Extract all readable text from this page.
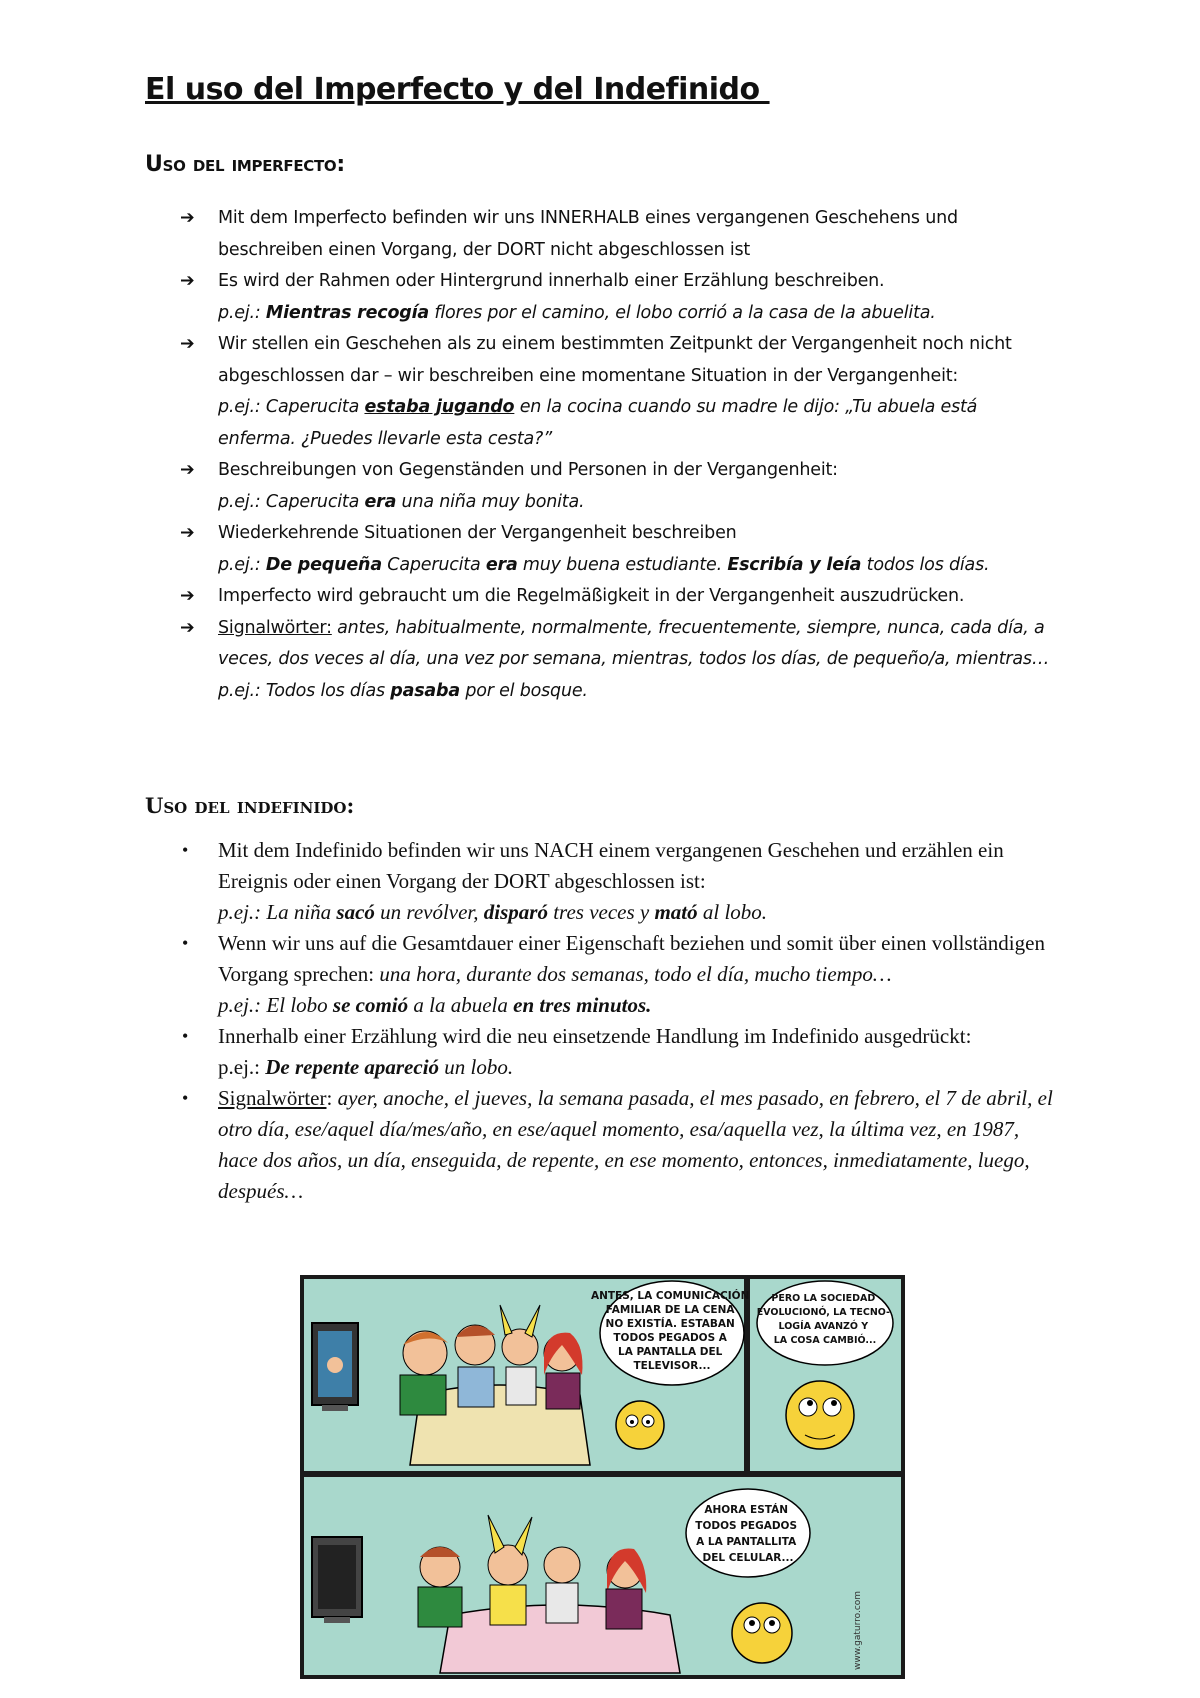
El uso del Imperfecto y del Indefinido
Uso del imperfecto:
➔ Mit dem Imperfecto befinden wir uns INNERHALB eines vergangenen Geschehens und beschreiben einen Vorgang, der DORT nicht abgeschlossen ist
➔ Es wird der Rahmen oder Hintergrund innerhalb einer Erzählung beschreiben.
p.ej.: Mientras recogía flores por el camino, el lobo corrió a la casa de la abuelita.
➔ Wir stellen ein Geschehen als zu einem bestimmten Zeitpunkt der Vergangenheit noch nicht abgeschlossen dar – wir beschreiben eine momentane Situation in der Vergangenheit:
p.ej.: Caperucita estaba jugando en la cocina cuando su madre le dijo: „Tu abuela está enferma. ¿Puedes llevarle esta cesta?”
➔ Beschreibungen von Gegenständen und Personen in der Vergangenheit:
p.ej.: Caperucita era una niña muy bonita.
➔ Wiederkehrende Situationen der Vergangenheit beschreiben
p.ej.: De pequeña Caperucita era muy buena estudiante. Escribía y leía todos los días.
➔ Imperfecto wird gebraucht um die Regelmäßigkeit in der Vergangenheit auszudrücken.
➔ Signalwörter: antes, habitualmente, normalmente, frecuentemente, siempre, nunca, cada día, a veces, dos veces al día, una vez por semana, mientras, todos los días, de pequeño/a, mientras…
p.ej.: Todos los días pasaba por el bosque.
Uso del indefinido:
• Mit dem Indefinido befinden wir uns NACH einem vergangenen Geschehen und erzählen ein Ereignis oder einen Vorgang der DORT abgeschlossen ist:
p.ej.: La niña sacó un revólver, disparó tres veces y mató al lobo.
• Wenn wir uns auf die Gesamtdauer einer Eigenschaft beziehen und somit über einen vollständigen Vorgang sprechen: una hora, durante dos semanas, todo el día, mucho tiempo…
p.ej.: El lobo se comió a la abuela en tres minutos.
• Innerhalb einer Erzählung wird die neu einsetzende Handlung im Indefinido ausgedrückt:
p.ej.: De repente apareció un lobo.
• Signalwörter: ayer, anoche, el jueves, la semana pasada, el mes pasado, en febrero, el 7 de abril, el otro día, ese/aquel día/mes/año, en ese/aquel momento, esa/aquella vez, la última vez, en 1987, hace dos años, un día, enseguida, de repente, en ese momento, entonces, inmediatamente, luego, después…
ANTES, LA COMUNICACIÓN FAMILIAR DE LA CENA NO EXISTÍA. ESTABAN TODOS PEGADOS A LA PANTALLA DEL TELEVISOR...
PERO LA SOCIEDAD EVOLUCIONÓ, LA TECNO- LOGÍA AVANZÓ Y LA COSA CAMBIÓ...
AHORA ESTÁN TODOS PEGADOS A LA PANTALLITA DEL CELULAR...
www.gaturro.com
